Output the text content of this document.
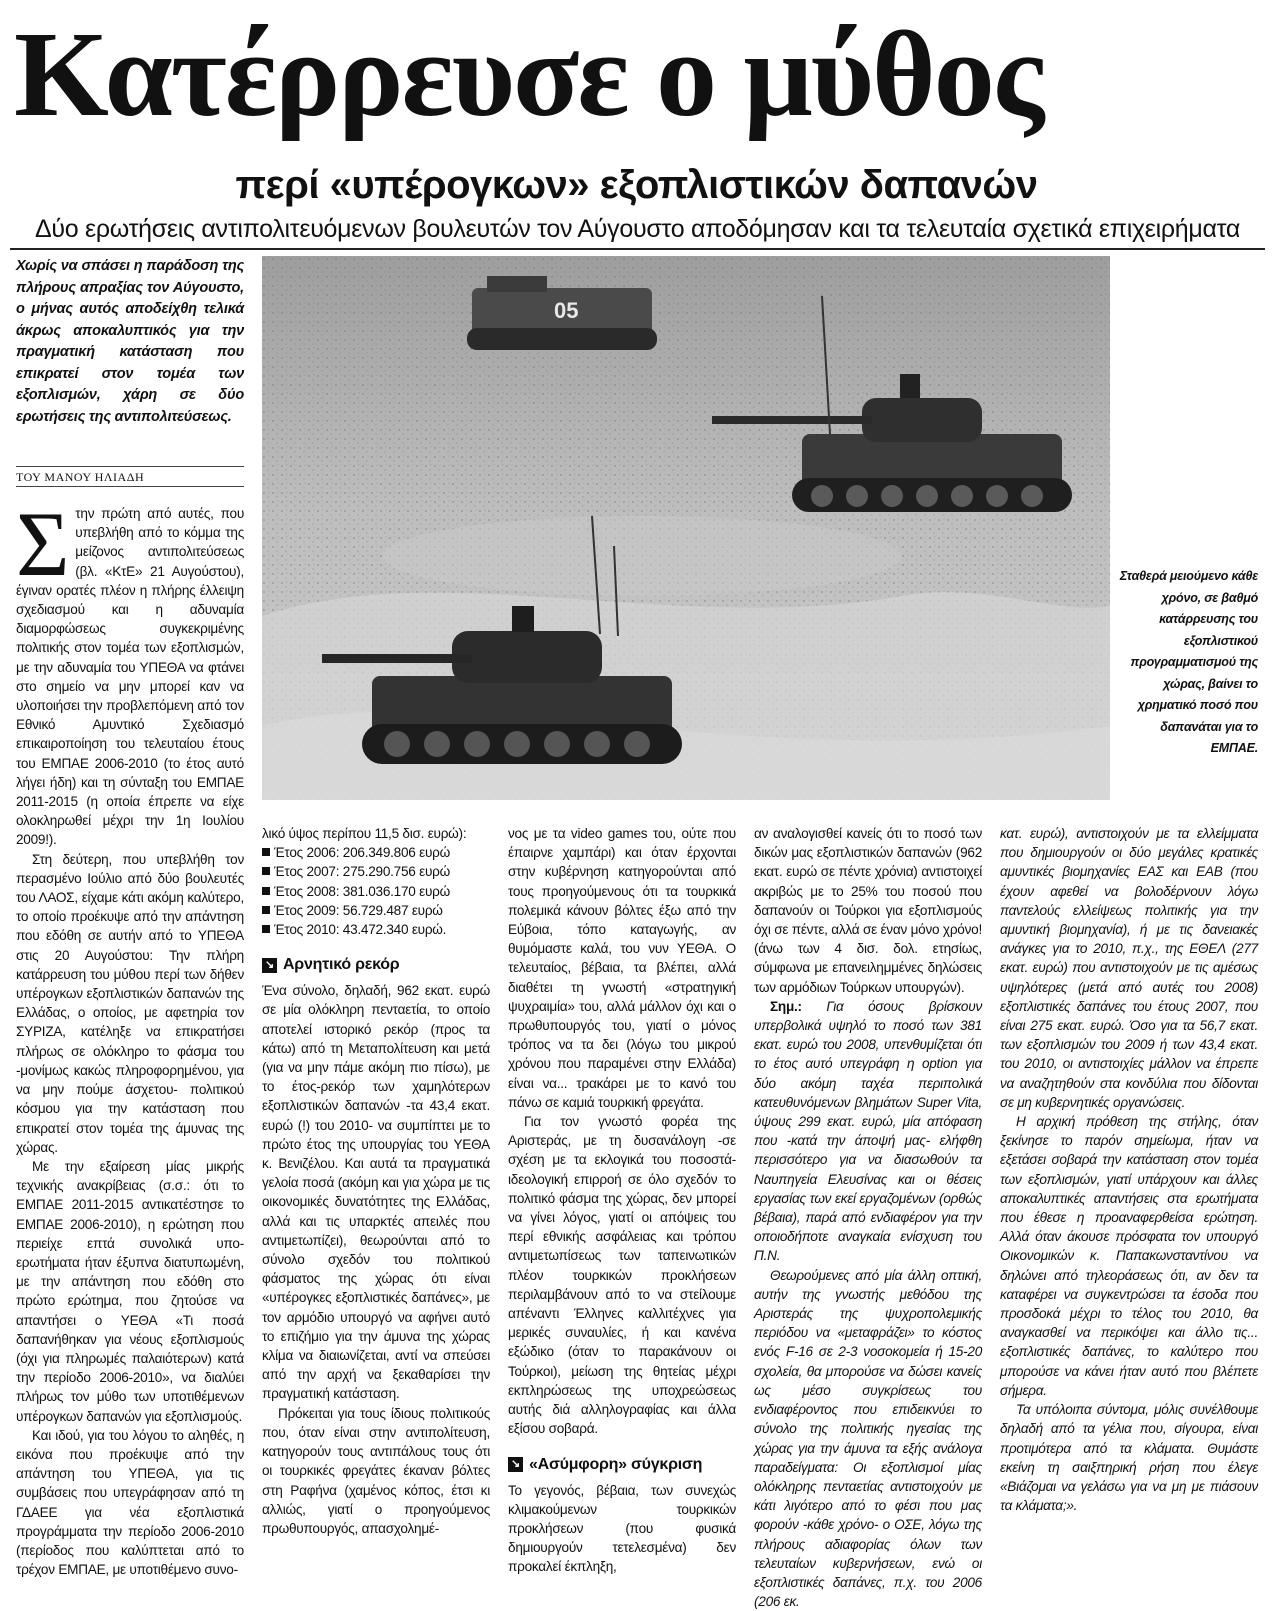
Κατέρρευσε ο μύθος
περί «υπέρογκων» εξοπλιστικών δαπανών
Δύο ερωτήσεις αντιπολιτευόμενων βουλευτών τον Αύγουστο αποδόμησαν και τα τελευταία σχετικά επιχειρήματα
Χωρίς να σπάσει η παράδοση της πλήρους απραξίας τον Αύγουστο, ο μήνας αυτός αποδείχθη τελικά άκρως αποκαλυπτικός για την πραγματική κατάσταση που επικρατεί στον τομέα των εξοπλισμών, χάρη σε δύο ερωτήσεις της αντιπολιτεύσεως.
ΤΟΥ ΜΑΝΟΥ ΗΛΙΑΔΗ
05
Σταθερά μειούμενο κάθε χρόνο, σε βαθμό κατάρρευσης του εξοπλιστικού προγραμματισμού της χώρας, βαίνει το χρηματικό ποσό που δαπανάται για το ΕΜΠΑΕ.
Σ την πρώτη από αυτές, που υπεβλήθη από το κόμμα της μείζονος αντιπολιτεύσεως (βλ. «ΚτΕ» 21 Αυγούστου), έγιναν ορατές πλέον η πλήρης έλλειψη σχεδιασμού και η αδυναμία διαμορφώσεως συγκεκριμένης πολιτικής στον τομέα των εξοπλισμών, με την αδυναμία του ΥΠΕΘΑ να φτάνει στο σημείο να μην μπορεί καν να υλοποιήσει την προβλεπόμενη από τον Εθνικό Αμυντικό Σχεδιασμό επικαιροποίηση του τελευταίου έτους του ΕΜΠΑΕ 2006-2010 (το έτος αυτό λήγει ήδη) και τη σύνταξη του ΕΜΠΑΕ 2011-2015 (η οποία έπρεπε να είχε ολοκληρωθεί μέχρι την 1η Ιουλίου 2009!).

Στη δεύτερη, που υπεβλήθη τον περασμένο Ιούλιο από δύο βουλευτές του ΛΑΟΣ, είχαμε κάτι ακόμη καλύτερο, το οποίο προέκυψε από την απάντηση που εδόθη σε αυτήν από το ΥΠΕΘΑ στις 20 Αυγούστου: Την πλήρη κατάρρευση του μύθου περί των δήθεν υπέρογκων εξοπλιστικών δαπανών της Ελλάδας, ο οποίος, με αφετηρία τον ΣΥΡΙΖΑ, κατέληξε να επικρατήσει πλήρως σε ολόκληρο το φάσμα του -μονίμως κακώς πληροφορημένου, για να μην πούμε άσχετου- πολιτικού κόσμου για την κατάσταση που επικρατεί στον τομέα της άμυνας της χώρας.

Με την εξαίρεση μίας μικρής τεχνικής ανακρίβειας (σ.σ.: ότι το ΕΜΠΑΕ 2011-2015 αντικατέστησε το ΕΜΠΑΕ 2006-2010), η ερώτηση που περιείχε επτά συνολικά υπο-ερωτήματα ήταν έξυπνα διατυπωμένη, με την απάντηση που εδόθη στο πρώτο ερώτημα, που ζητούσε να απαντήσει ο ΥΕΘΑ «Τι ποσά δαπανήθηκαν για νέους εξοπλισμούς (όχι για πληρωμές παλαιότερων) κατά την περίοδο 2006-2010», να διαλύει πλήρως τον μύθο των υποτιθέμενων υπέρογκων δαπανών για εξοπλισμούς.

Και ιδού, για του λόγου το αληθές, η εικόνα που προέκυψε από την απάντηση του ΥΠΕΘΑ, για τις συμβάσεις που υπεγράφησαν από τη ΓΔΑΕΕ για νέα εξοπλιστικά προγράμματα την περίοδο 2006-2010 (περίοδος που καλύπτεται από το τρέχον ΕΜΠΑΕ, με υποτιθέμενο συνο-

λικό ύψος περίπου 11,5 δισ. ευρώ):

Έτος 2006: 206.349.806 ευρώ
Έτος 2007: 275.290.756 ευρώ
Έτος 2008: 381.036.170 ευρώ
Έτος 2009: 56.729.487 ευρώ
Έτος 2010: 43.472.340 ευρώ.
↘ Αρνητικό ρεκόρ

Ένα σύνολο, δηλαδή, 962 εκατ. ευρώ σε μία ολόκληρη πενταετία, το οποίο αποτελεί ιστορικό ρεκόρ (προς τα κάτω) από τη Μεταπολίτευση και μετά (για να μην πάμε ακόμη πιο πίσω), με το έτος-ρεκόρ των χαμηλότερων εξοπλιστικών δαπανών -τα 43,4 εκατ. ευρώ (!) του 2010- να συμπίπτει με το πρώτο έτος της υπουργίας του ΥΕΘΑ κ. Βενιζέλου. Και αυτά τα πραγματικά γελοία ποσά (ακόμη και για χώρα με τις οικονομικές δυνατότητες της Ελλάδας, αλλά και τις υπαρκτές απειλές που αντιμετωπίζει), θεωρούνται από το σύνολο σχεδόν του πολιτικού φάσματος της χώρας ότι είναι «υπέρογκες εξοπλιστικές δαπάνες», με τον αρμόδιο υπουργό να αφήνει αυτό το επιζήμιο για την άμυνα της χώρας κλίμα να διαιωνίζεται, αντί να σπεύσει από την αρχή να ξεκαθαρίσει την πραγματική κατάσταση.

Πρόκειται για τους ίδιους πολιτικούς που, όταν είναι στην αντιπολίτευση, κατηγορούν τους αντιπάλους τους ότι οι τουρκικές φρεγάτες έκαναν βόλτες στη Ραφήνα (χαμένος κόπος, έτσι κι αλλιώς, γιατί ο προηγούμενος πρωθυπουργός, απασχολημέ-

νος με τα video games του, ούτε που έπαιρνε χαμπάρι) και όταν έρχονται στην κυβέρνηση κατηγορούνται από τους προηγούμενους ότι τα τουρκικά πολεμικά κάνουν βόλτες έξω από την Εύβοια, τόπο καταγωγής, αν θυμόμαστε καλά, του νυν ΥΕΘΑ. Ο τελευταίος, βέβαια, τα βλέπει, αλλά διαθέτει τη γνωστή «στρατηγική ψυχραιμία» του, αλλά μάλλον όχι και ο πρωθυπουργός του, γιατί ο μόνος τρόπος να τα δει (λόγω του μικρού χρόνου που παραμένει στην Ελλάδα) είναι να... τρακάρει με το κανό του πάνω σε καμιά τουρκική φρεγάτα.

Για τον γνωστό φορέα της Αριστεράς, με τη δυσανάλογη -σε σχέση με τα εκλογικά του ποσοστά- ιδεολογική επιρροή σε όλο σχεδόν το πολιτικό φάσμα της χώρας, δεν μπορεί να γίνει λόγος, γιατί οι απόψεις του περί εθνικής ασφάλειας και τρόπου αντιμετωπίσεως των ταπεινωτικών πλέον τουρκικών προκλήσεων περιλαμβάνουν από το να στείλουμε απέναντι Έλληνες καλλιτέχνες για μερικές συναυλίες, ή και κανένα εξώδικο (όταν το παρακάνουν οι Τούρκοι), μείωση της θητείας μέχρι εκπληρώσεως της υποχρεώσεως αυτής διά αλληλογραφίας και άλλα εξίσου σοβαρά.

↘ «Ασύμφορη» σύγκριση

Το γεγονός, βέβαια, των συνεχώς κλιμακούμενων τουρκικών προκλήσεων (που φυσικά δημιουργούν τετελεσμένα) δεν προκαλεί έκπληξη,

αν αναλογισθεί κανείς ότι το ποσό των δικών μας εξοπλιστικών δαπανών (962 εκατ. ευρώ σε πέντε χρόνια) αντιστοιχεί ακριβώς με το 25% του ποσού που δαπανούν οι Τούρκοι για εξοπλισμούς όχι σε πέντε, αλλά σε έναν μόνο χρόνο! (άνω των 4 δισ. δολ. ετησίως, σύμφωνα με επανειλημμένες δηλώσεις των αρμόδιων Τούρκων υπουργών).

Σημ.: Για όσους βρίσκουν υπερβολικά υψηλό το ποσό των 381 εκατ. ευρώ του 2008, υπενθυμίζεται ότι το έτος αυτό υπεγράφη η option για δύο ακόμη ταχέα περιπολικά κατευθυνόμενων βλημάτων Super Vita, ύψους 299 εκατ. ευρώ, μία απόφαση που -κατά την άποψή μας- ελήφθη περισσότερο για να διασωθούν τα Ναυπηγεία Ελευσίνας και οι θέσεις εργασίας των εκεί εργαζομένων (ορθώς βέβαια), παρά από ενδιαφέρον για την οποιοδήποτε αναγκαία ενίσχυση του Π.Ν.

Θεωρούμενες από μία άλλη οπτική, αυτήν της γνωστής μεθόδου της Αριστεράς της ψυχροπολεμικής περιόδου να «μεταφράζει» το κόστος ενός F-16 σε 2-3 νοσοκομεία ή 15-20 σχολεία, θα μπορούσε να δώσει κανείς ως μέσο συγκρίσεως του ενδιαφέροντος που επιδεικνύει το σύνολο της πολιτικής ηγεσίας της χώρας για την άμυνα τα εξής ανάλογα παραδείγματα: Οι εξοπλισμοί μίας ολόκληρης πενταετίας αντιστοιχούν με κάτι λιγότερο από το φέσι που μας φορούν -κάθε χρόνο- ο ΟΣΕ, λόγω της πλήρους αδιαφορίας όλων των τελευταίων κυβερνήσεων, ενώ οι εξοπλιστικές δαπάνες, π.χ. του 2006 (206 εκ.

κατ. ευρώ), αντιστοιχούν με τα ελλείμματα που δημιουργούν οι δύο μεγάλες κρατικές αμυντικές βιομηχανίες ΕΑΣ και ΕΑΒ (που έχουν αφεθεί να βολοδέρνουν λόγω παντελούς ελλείψεως πολιτικής για την αμυντική βιομηχανία), ή με τις δανειακές ανάγκες για το 2010, π.χ., της ΕΘΕΛ (277 εκατ. ευρώ) που αντιστοιχούν με τις αμέσως υψηλότερες (μετά από αυτές του 2008) εξοπλιστικές δαπάνες του έτους 2007, που είναι 275 εκατ. ευρώ. Όσο για τα 56,7 εκατ. των εξοπλισμών του 2009 ή των 43,4 εκατ. του 2010, οι αντιστοιχίες μάλλον να έπρεπε να αναζητηθούν στα κονδύλια που δίδονται σε μη κυβερνητικές οργανώσεις.

Η αρχική πρόθεση της στήλης, όταν ξεκίνησε το παρόν σημείωμα, ήταν να εξετάσει σοβαρά την κατάσταση στον τομέα των εξοπλισμών, γιατί υπάρχουν και άλλες αποκαλυπτικές απαντήσεις στα ερωτήματα που έθεσε η προαναφερθείσα ερώτηση. Αλλά όταν άκουσε πρόσφατα τον υπουργό Οικονομικών κ. Παπακωνσταντίνου να δηλώνει από τηλεοράσεως ότι, αν δεν τα καταφέρει να συγκεντρώσει τα έσοδα που προσδοκά μέχρι το τέλος του 2010, θα αναγκασθεί να περικόψει και άλλο τις... εξοπλιστικές δαπάνες, το καλύτερο που μπορούσε να κάνει ήταν αυτό που βλέπετε σήμερα.

Τα υπόλοιπα σύντομα, μόλις συνέλθουμε δηλαδή από τα γέλια που, σίγουρα, είναι προτιμότερα από τα κλάματα. Θυμάστε εκείνη τη σαιξπηρική ρήση που έλεγε «Βιάζομαι να γελάσω για να μη με πιάσουν τα κλάματα;».
